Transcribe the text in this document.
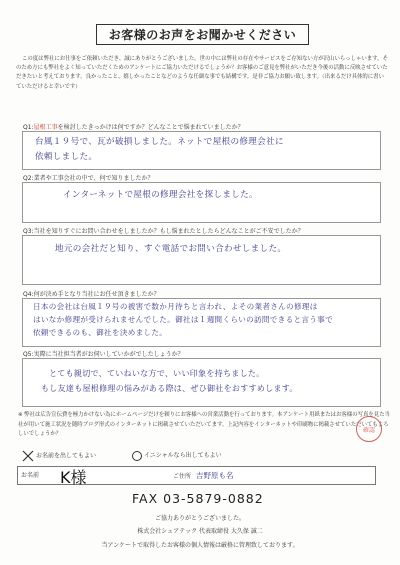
お客様のお声をお聞かせください
この度は弊社にお仕事をご依頼いただき、誠にありがとうございました。世の中には弊社の存在やサービスをご存知ない方が沢山いらっしゃいます。そのため方にも弊社をよく知っていただくためのアンケートにご協力いただけるでしょうか？お客様のご意見を弊社がいただき今後の活動に反映させていただきたいと考えております。良かったこと、嬉しかったことなどのような任細な事でも結構です。是非ご協力お願い致します。（出来るだけ具体的に書いていただけると幸いです）
Q1:屋根工事を検討したきっかけは何ですか？どんなことで悩まれていましたか？
台風１９号で、瓦が破損しました。ネットで屋根の修理会社に
依頼しました。
Q2:業者や工事会社の中で、何で知りましたか？
インターネットで屋根の修理会社を探しました。
Q3:当社を知りすぐにお問い合わせをしましたか？もし悩まれたとしたらどんなことがご不安でしたか？
地元の会社だと知り、すぐ電話でお問い合わせしました。
Q4:何が決め手となり当社にお任せ頂きましたか？
日本の会社は台風１９号の被害で数か月待ちと言われ、よその業者さんの修理は
はいなか修理が受けられませんでした。御社は１週間くらいの訪問できると言う事で
依頼できるのも、御社を決めました。
Q5:実際に当社担当者がお伺いしていかがでしたしょうか？
とても親切で、ていねいな方で、いい印象を持ちました。
もし友達も屋根修理の悩みがある際は、ぜひ御社をおすすめします。
※ 弊社は広告宣伝費を極力かけない為にホームページだけを頼りにお客様への営業活動を行っております。本アンケート用紙またはお客様の写真を見た当社が用いて施工状況を随時ブログ形式のインターネットに掲載させていただいてます。上記内容をインターネットや印刷物に掲載させていただいてもよろしいでしょうか？
確認
お名前を出してもよい	イニシャルなら出してもよい
お名前 K様	ご住所 吉野原も名
FAX 03-5879-0882
ご協力ありがとうございました。
株式会社シェアテック 代表取締役 大久保 誠二
当アンケートで取得したお客様の個人情報は厳格に管理致しております。
